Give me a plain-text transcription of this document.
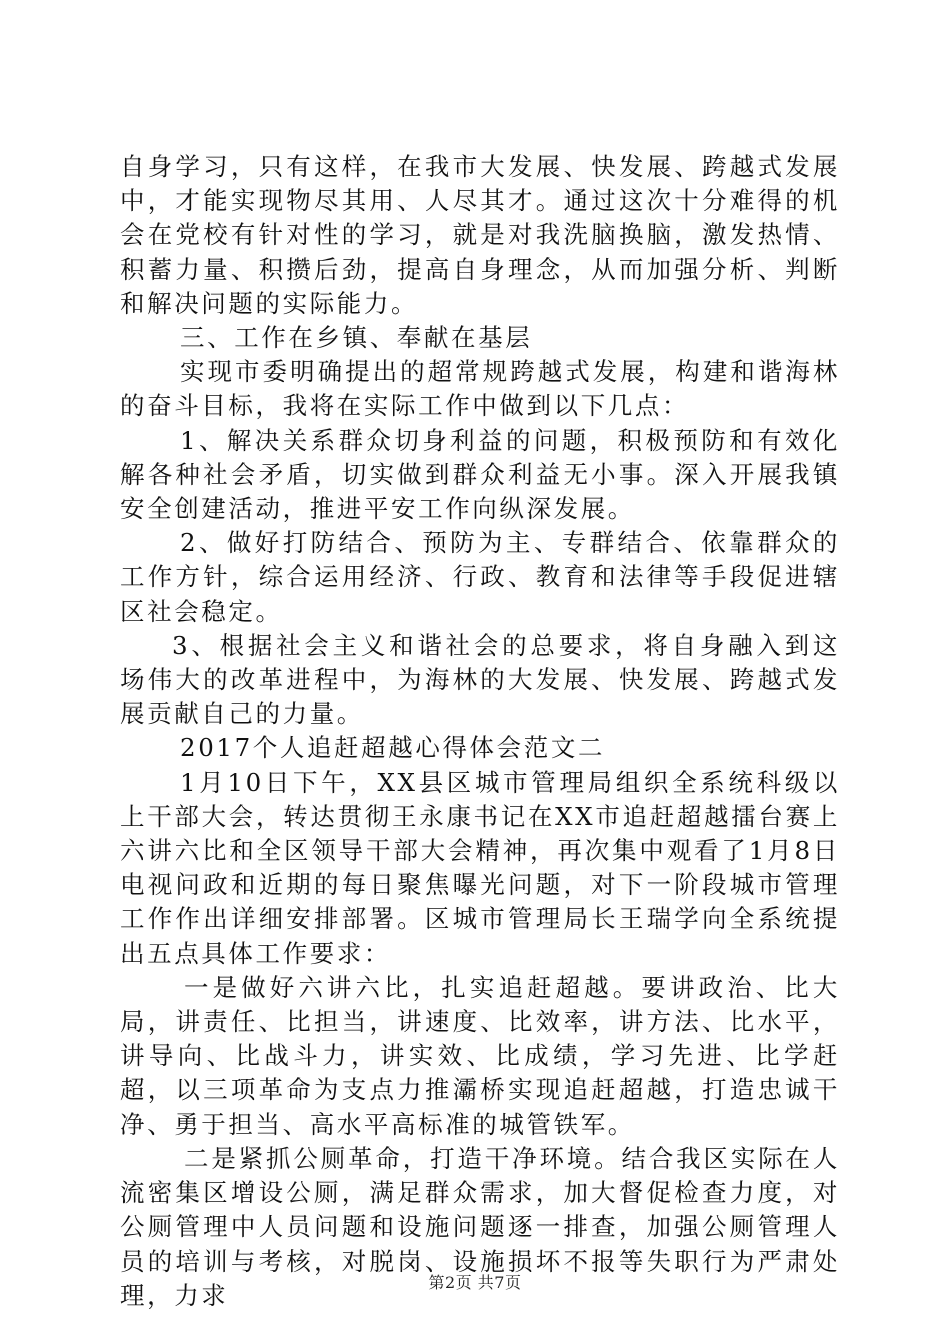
自身学习，只有这样，在我市大发展、快发展、跨越式发展中，才能实现物尽其用、人尽其才。通过这次十分难得的机会在党校有针对性的学习，就是对我洗脑换脑，激发热情、积蓄力量、积攒后劲，提高自身理念，从而加强分析、判断和解决问题的实际能力。

三、工作在乡镇、奉献在基层

实现市委明确提出的超常规跨越式发展，构建和谐海林的奋斗目标，我将在实际工作中做到以下几点：

1、解决关系群众切身利益的问题，积极预防和有效化解各种社会矛盾，切实做到群众利益无小事。深入开展我镇安全创建活动，推进平安工作向纵深发展。

2、做好打防结合、预防为主、专群结合、依靠群众的工作方针，综合运用经济、行政、教育和法律等手段促进辖区社会稳定。

3、根据社会主义和谐社会的总要求，将自身融入到这场伟大的改革进程中，为海林的大发展、快发展、跨越式发展贡献自己的力量。

2017个人追赶超越心得体会范文二

1月10日下午，XX县区城市管理局组织全系统科级以上干部大会，转达贯彻王永康书记在XX市追赶超越擂台赛上六讲六比和全区领导干部大会精神，再次集中观看了1月8日电视问政和近期的每日聚焦曝光问题，对下一阶段城市管理工作作出详细安排部署。区城市管理局长王瑞学向全系统提出五点具体工作要求：

一是做好六讲六比，扎实追赶超越。要讲政治、比大局，讲责任、比担当，讲速度、比效率，讲方法、比水平，讲导向、比战斗力，讲实效、比成绩，学习先进、比学赶超，以三项革命为支点力推灞桥实现追赶超越，打造忠诚干净、勇于担当、高水平高标准的城管铁军。

二是紧抓公厕革命，打造干净环境。结合我区实际在人流密集区增设公厕，满足群众需求，加大督促检查力度，对公厕管理中人员问题和设施问题逐一排查，加强公厕管理人员的培训与考核，对脱岗、设施损坏不报等失职行为严肃处理，力求	第2页 共7页
